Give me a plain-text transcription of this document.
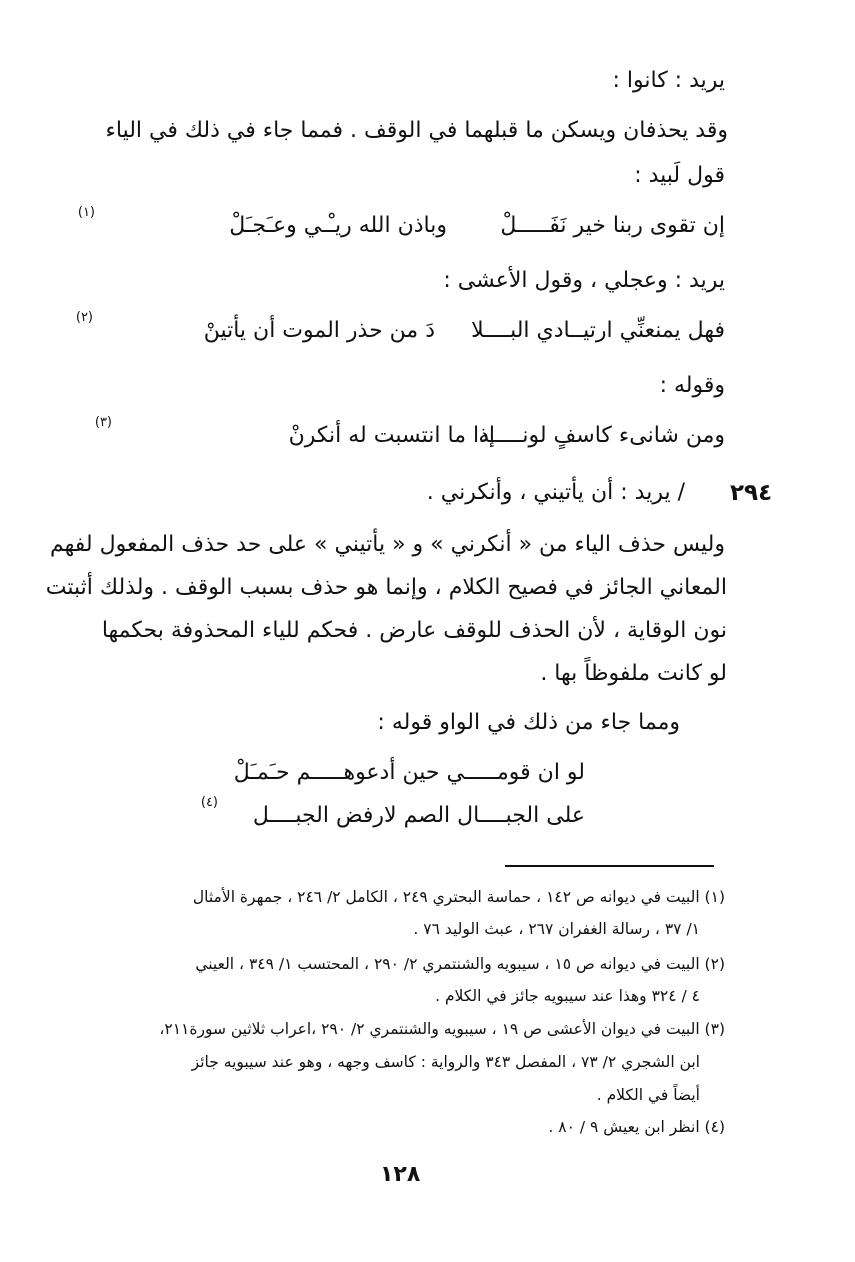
يريد : كانوا :
وقد يحذفان ويسكن ما قبلهما في الوقف . فمما جاء في ذلك في الياء
قول لَبيد :
إن تقوى ربنا خير نَفَـــــلْ
وباذن الله ريـْـي وعـَجـَلْ
(١)
يريد : وعجلي ، وقول الأعشى :
فهل يمنعنِّي ارتيــادي البــــلا
دَ من حذر الموت أن يأتينْ
(٢)
وقوله :
ومن شانىء كاسفٍ لونـــــه
إذا ما انتسبت له أنكرنْ
(٣)
٢٩٤
/ يريد : أن يأتيني ، وأنكرني .
وليس حذف الياء من « أنكرني » و « يأتيني » على حد حذف المفعول لفهم
المعاني الجائز في فصيح الكلام ، وإنما هو حذف بسبب الوقف . ولذلك أثبتت
نون الوقاية ، لأن الحذف للوقف عارض . فحكم للياء المحذوفة بحكمها
لو كانت ملفوظاً بها .
ومما جاء من ذلك في الواو قوله :
لو ان قومـــــي حين أدعوهـــــم حـَمـَلْ
على الجبــــال الصم لارفض الجبــــل
(٤)
(١) البيت في ديوانه ص ١٤٢ ، حماسة البحتري ٢٤٩ ، الكامل ٢/ ٢٤٦ ، جمهرة الأمثال
١/ ٣٧ ، رسالة الغفران ٢٦٧ ، عبث الوليد ٧٦ .
(٢) البيت في ديوانه ص ١٥ ، سيبويه والشنتمري ٢/ ٢٩٠ ، المحتسب ١/ ٣٤٩ ، العيني
٤ / ٣٢٤ وهذا عند سيبويه جائز في الكلام .
(٣) البيت في ديوان الأعشى ص ١٩ ، سيبويه والشنتمري ٢/ ٢٩٠ ،اعراب ثلاثين سورة٢١١،
ابن الشجري ٢/ ٧٣ ، المفصل ٣٤٣ والرواية : كاسف وجهه ، وهو عند سيبويه جائز
أيضاً في الكلام .
(٤) انظر ابن يعيش ٩ / ٨٠ .
١٢٨
